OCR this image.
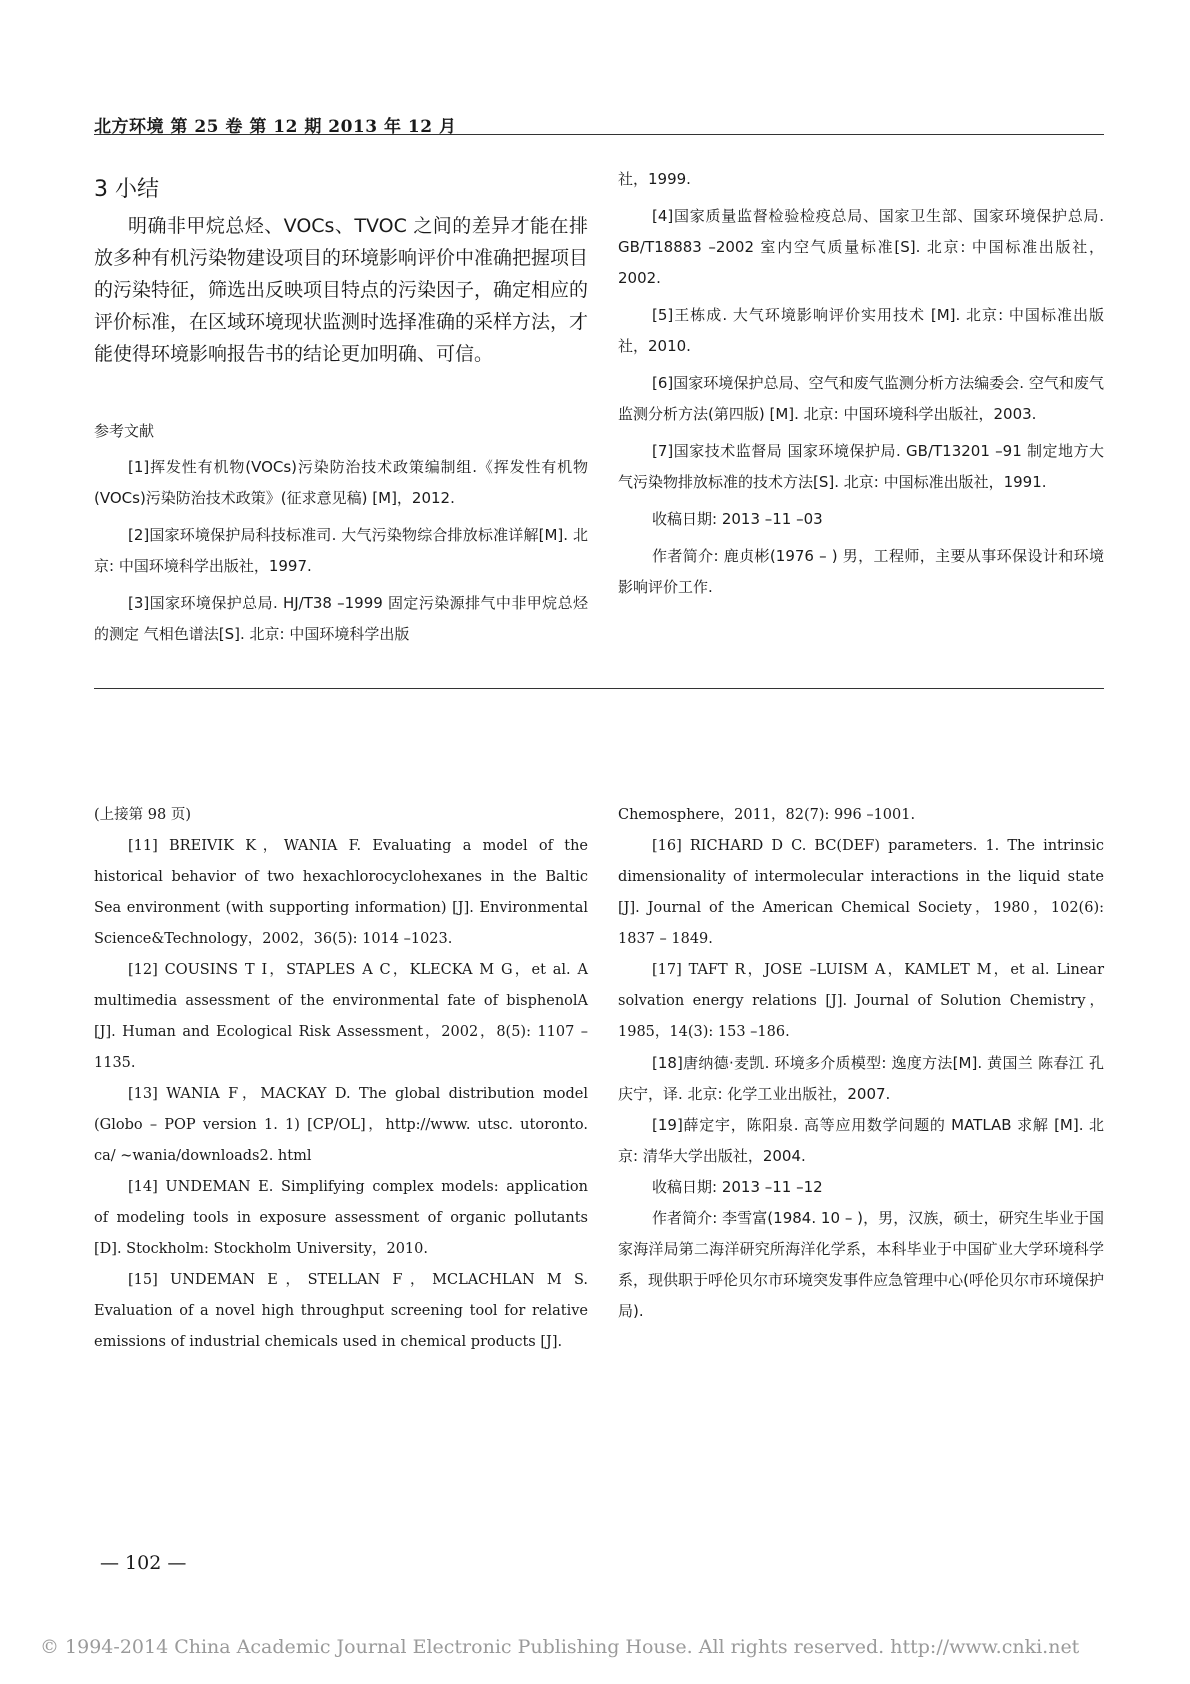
北方环境 第 25 卷 第 12 期 2013 年 12 月
3 小结

明确非甲烷总烃、VOCs、TVOC 之间的差异才能在排放多种有机污染物建设项目的环境影响评价中准确把握项目的污染特征，筛选出反映项目特点的污染因子，确定相应的评价标准，在区域环境现状监测时选择准确的采样方法，才能使得环境影响报告书的结论更加明确、可信。

参考文献

[1]挥发性有机物(VOCs)污染防治技术政策编制组.《挥发性有机物(VOCs)污染防治技术政策》(征求意见稿) [M]，2012.

[2]国家环境保护局科技标准司. 大气污染物综合排放标准详解[M]. 北京: 中国环境科学出版社，1997.

[3]国家环境保护总局. HJ/T38 –1999 固定污染源排气中非甲烷总烃的测定 气相色谱法[S]. 北京: 中国环境科学出版

社，1999.

[4]国家质量监督检验检疫总局、国家卫生部、国家环境保护总局. GB/T18883 –2002 室内空气质量标准[S]. 北京: 中国标准出版社，2002.

[5]王栋成. 大气环境影响评价实用技术 [M]. 北京: 中国标准出版社，2010.

[6]国家环境保护总局、空气和废气监测分析方法编委会. 空气和废气监测分析方法(第四版) [M]. 北京: 中国环境科学出版社，2003.

[7]国家技术监督局 国家环境保护局. GB/T13201 –91 制定地方大气污染物排放标准的技术方法[S]. 北京: 中国标准出版社，1991.

收稿日期: 2013 –11 –03

作者简介: 鹿贞彬(1976 – ) 男，工程师，主要从事环保设计和环境影响评价工作.

(上接第 98 页)

[11] BREIVIK K，WANIA F. Evaluating a model of the historical behavior of two hexachlorocyclohexanes in the Baltic Sea environment (with supporting information) [J]. Environmental Science&Technology，2002，36(5): 1014 –1023.

[12] COUSINS T I，STAPLES A C，KLECKA M G，et al. A multimedia assessment of the environmental fate of bisphenolA [J]. Human and Ecological Risk Assessment，2002，8(5): 1107 – 1135.

[13] WANIA F，MACKAY D. The global distribution model (Globo – POP version 1. 1) [CP/OL]，http://www. utsc. utoronto. ca/ ~wania/downloads2. html

[14] UNDEMAN E. Simplifying complex models: application of modeling tools in exposure assessment of organic pollutants [D]. Stockholm: Stockholm University，2010.

[15] UNDEMAN E，STELLAN F，MCLACHLAN M S. Evaluation of a novel high throughput screening tool for relative emissions of industrial chemicals used in chemical products [J].

Chemosphere，2011，82(7): 996 –1001.

[16] RICHARD D C. BC(DEF) parameters. 1. The intrinsic dimensionality of intermolecular interactions in the liquid state [J]. Journal of the American Chemical Society，1980，102(6): 1837 – 1849.

[17] TAFT R，JOSE –LUISM A，KAMLET M，et al. Linear solvation energy relations [J]. Journal of Solution Chemistry，1985，14(3): 153 –186.

[18]唐纳德·麦凯. 环境多介质模型: 逸度方法[M]. 黄国兰 陈春江 孔庆宁，译. 北京: 化学工业出版社，2007.

[19]薛定宇，陈阳泉. 高等应用数学问题的 MATLAB 求解 [M]. 北京: 清华大学出版社，2004.

收稿日期: 2013 –11 –12

作者简介: 李雪富(1984. 10 – )，男，汉族，硕士，研究生毕业于国家海洋局第二海洋研究所海洋化学系，本科毕业于中国矿业大学环境科学系，现供职于呼伦贝尔市环境突发事件应急管理中心(呼伦贝尔市环境保护局).

— 102 —
© 1994-2014 China Academic Journal Electronic Publishing House. All rights reserved. http://www.cnki.net
